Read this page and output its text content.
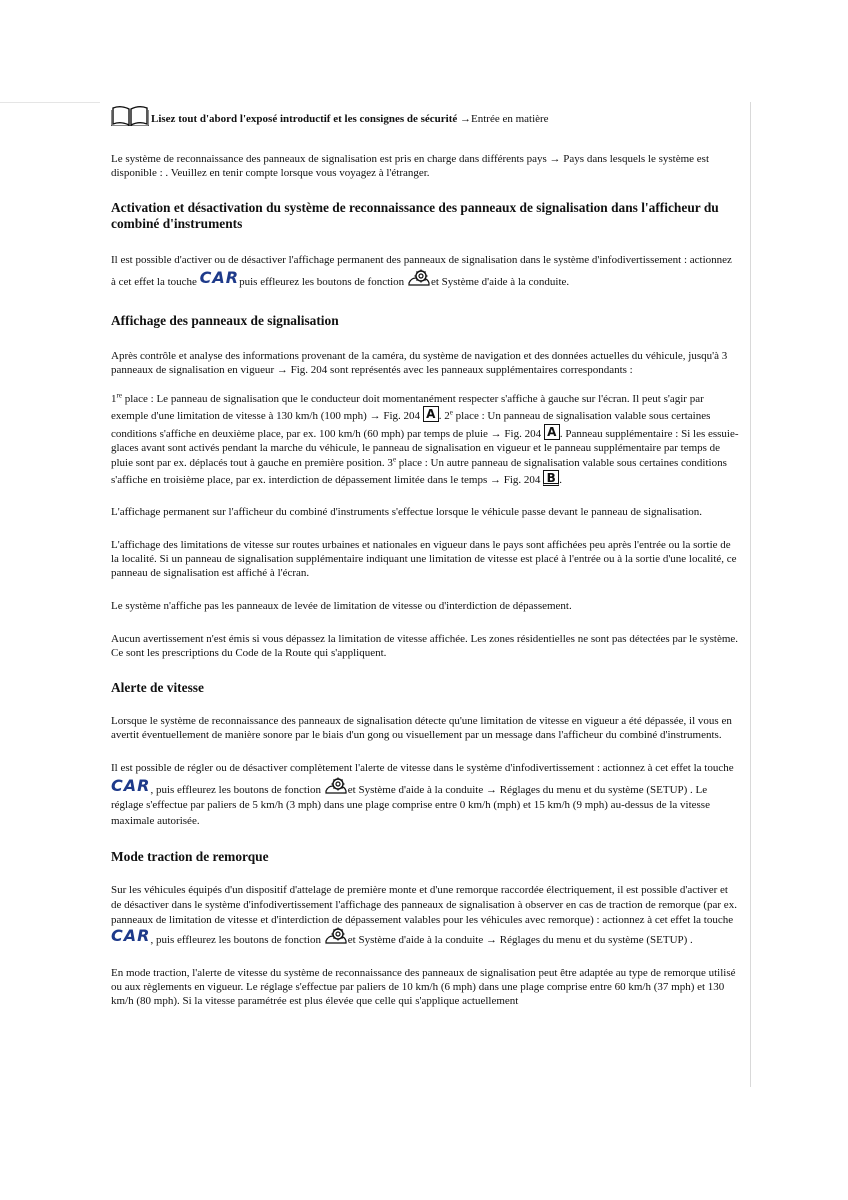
Lisez tout d'abord l'exposé introductif et les consignes de sécurité →Entrée en matière

Le système de reconnaissance des panneaux de signalisation est pris en charge dans différents pays → Pays dans lesquels le système est disponible : . Veuillez en tenir compte lorsque vous voyagez à l'étranger.

Activation et désactivation du système de reconnaissance des panneaux de signalisation dans l'afficheur du combiné d'instruments

Il est possible d'activer ou de désactiver l'affichage permanent des panneaux de signalisation dans le système d'infodivertissement : actionnez à cet effet la touche CARpuis effleurez les boutons de fonction et Système d'aide à la conduite.

Affichage des panneaux de signalisation

Après contrôle et analyse des informations provenant de la caméra, du système de navigation et des données actuelles du véhicule, jusqu'à 3 panneaux de signalisation en vigueur → Fig. 204 sont représentés avec les panneaux supplémentaires correspondants :

1re place : Le panneau de signalisation que le conducteur doit momentanément respecter s'affiche à gauche sur l'écran. Il peut s'agir par exemple d'une limitation de vitesse à 130 km/h (100 mph) → Fig. 204 A . 2e place : Un panneau de signalisation valable sous certaines conditions s'affiche en deuxième place, par ex. 100 km/h (60 mph) par temps de pluie → Fig. 204 A . Panneau supplémentaire : Si les essuie-glaces avant sont activés pendant la marche du véhicule, le panneau de signalisation en vigueur et le panneau supplémentaire par temps de pluie sont par ex. déplacés tout à gauche en première position. 3e place : Un autre panneau de signalisation valable sous certaines conditions s'affiche en troisième place, par ex. interdiction de dépassement limitée dans le temps → Fig. 204 B .

L'affichage permanent sur l'afficheur du combiné d'instruments s'effectue lorsque le véhicule passe devant le panneau de signalisation.

L'affichage des limitations de vitesse sur routes urbaines et nationales en vigueur dans le pays sont affichées peu après l'entrée ou la sortie de la localité. Si un panneau de signalisation supplémentaire indiquant une limitation de vitesse est placé à l'entrée ou à la sortie d'une localité, ce panneau de signalisation est affiché à l'écran.

Le système n'affiche pas les panneaux de levée de limitation de vitesse ou d'interdiction de dépassement.

Aucun avertissement n'est émis si vous dépassez la limitation de vitesse affichée. Les zones résidentielles ne sont pas détectées par le système. Ce sont les prescriptions du Code de la Route qui s'appliquent.

Alerte de vitesse

Lorsque le système de reconnaissance des panneaux de signalisation détecte qu'une limitation de vitesse en vigueur a été dépassée, il vous en avertit éventuellement de manière sonore par le biais d'un gong ou visuellement par un message dans l'afficheur du combiné d'instruments.

Il est possible de régler ou de désactiver complètement l'alerte de vitesse dans le système d'infodivertissement : actionnez à cet effet la touche CAR, puis effleurez les boutons de fonction et Système d'aide à la conduite → Réglages du menu et du système (SETUP) . Le réglage s'effectue par paliers de 5 km/h (3 mph) dans une plage comprise entre 0 km/h (mph) et 15 km/h (9 mph) au-dessus de la vitesse maximale autorisée.

Mode traction de remorque

Sur les véhicules équipés d'un dispositif d'attelage de première monte et d'une remorque raccordée électriquement, il est possible d'activer et de désactiver dans le système d'infodivertissement l'affichage des panneaux de signalisation à observer en cas de traction de remorque (par ex. panneaux de limitation de vitesse et d'interdiction de dépassement valables pour les véhicules avec remorque) : actionnez à cet effet la touche CAR, puis effleurez les boutons de fonction et Système d'aide à la conduite → Réglages du menu et du système (SETUP) .

En mode traction, l'alerte de vitesse du système de reconnaissance des panneaux de signalisation peut être adaptée au type de remorque utilisé ou aux règlements en vigueur. Le réglage s'effectue par paliers de 10 km/h (6 mph) dans une plage comprise entre 60 km/h (37 mph) et 130 km/h (80 mph). Si la vitesse paramétrée est plus élevée que celle qui s'applique actuellement
